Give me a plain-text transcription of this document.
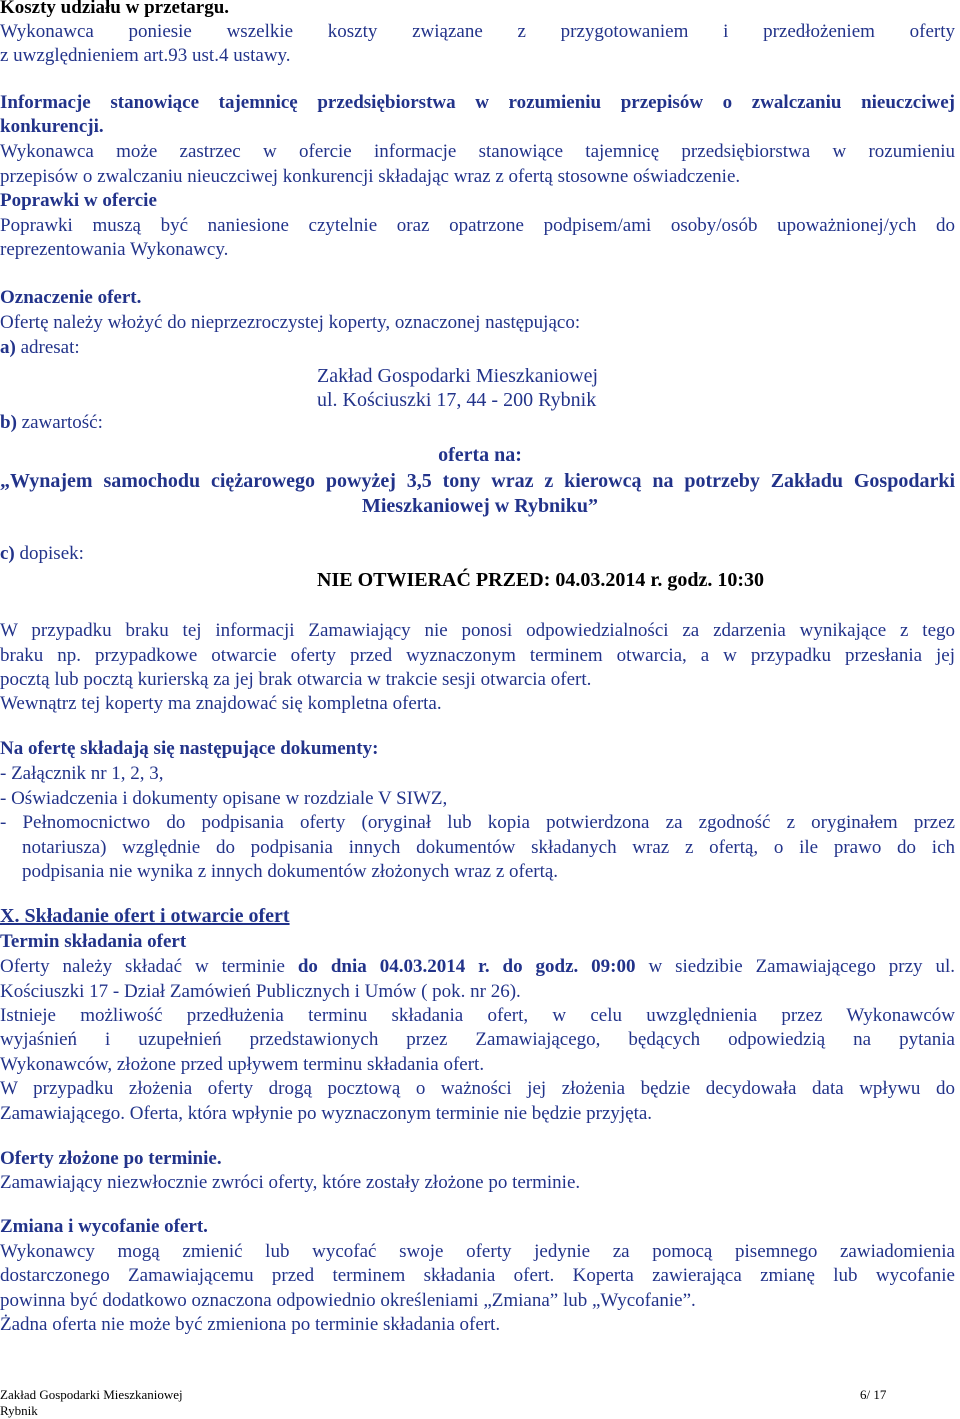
Koszty udziału w przetargu.
Wykonawca poniesie wszelkie koszty związane z przygotowaniem i przedłożeniem oferty
z uwzględnieniem art.93 ust.4 ustawy.
Informacje stanowiące tajemnicę przedsiębiorstwa w rozumieniu przepisów o zwalczaniu nieuczciwej
konkurencji.
Wykonawca może zastrzec w ofercie informacje stanowiące tajemnicę przedsiębiorstwa w rozumieniu
przepisów o zwalczaniu nieuczciwej konkurencji składając wraz z ofertą stosowne oświadczenie.
Poprawki w ofercie
Poprawki muszą być naniesione czytelnie oraz opatrzone podpisem/ami osoby/osób upoważnionej/ych do
reprezentowania Wykonawcy.
Oznaczenie ofert.
Ofertę należy włożyć do nieprzezroczystej koperty, oznaczonej następująco:
a) adresat:
Zakład Gospodarki Mieszkaniowej
ul. Kościuszki 17, 44 - 200 Rybnik
b) zawartość:
oferta na:
„Wynajem samochodu ciężarowego powyżej 3,5 tony wraz z kierowcą na potrzeby Zakładu Gospodarki
Mieszkaniowej w Rybniku”
c) dopisek:
NIE OTWIERAĆ PRZED: 04.03.2014 r. godz. 10:30
W przypadku braku tej informacji Zamawiający nie ponosi odpowiedzialności za zdarzenia wynikające z tego
braku np. przypadkowe otwarcie oferty przed wyznaczonym terminem otwarcia, a w przypadku przesłania jej
pocztą lub pocztą kurierską za jej brak otwarcia w trakcie sesji otwarcia ofert.
Wewnątrz tej koperty ma znajdować się kompletna oferta.
Na ofertę składają się następujące dokumenty:
- Załącznik nr 1, 2, 3,
- Oświadczenia i dokumenty opisane w rozdziale V SIWZ,
- Pełnomocnictwo do podpisania oferty (oryginał lub kopia potwierdzona za zgodność z oryginałem przez
notariusza) względnie do podpisania innych dokumentów składanych wraz z ofertą, o ile prawo do ich
podpisania nie wynika z innych dokumentów złożonych wraz z ofertą.
X. Składanie ofert i otwarcie ofert
Termin składania ofert
Oferty należy składać w terminie do dnia 04.03.2014 r. do godz. 09:00 w siedzibie Zamawiającego przy ul.
Kościuszki 17 - Dział Zamówień Publicznych i Umów ( pok. nr 26).
Istnieje możliwość przedłużenia terminu składania ofert, w celu uwzględnienia przez Wykonawców
wyjaśnień i uzupełnień przedstawionych przez Zamawiającego, będących odpowiedzią na pytania
Wykonawców, złożone przed upływem terminu składania ofert.
W przypadku złożenia oferty drogą pocztową o ważności jej złożenia będzie decydowała data wpływu do
Zamawiającego. Oferta, która wpłynie po wyznaczonym terminie nie będzie przyjęta.
Oferty złożone po terminie.
Zamawiający niezwłocznie zwróci oferty, które zostały złożone po terminie.
Zmiana i wycofanie ofert.
Wykonawcy mogą zmienić lub wycofać swoje oferty jedynie za pomocą pisemnego zawiadomienia
dostarczonego Zamawiającemu przed terminem składania ofert. Koperta zawierająca zmianę lub wycofanie
powinna być dodatkowo oznaczona odpowiednio określeniami „Zmiana” lub „Wycofanie”.
Żadna oferta nie może być zmieniona po terminie składania ofert.
Zakład Gospodarki Mieszkaniowej
Rybnik
6/ 17
